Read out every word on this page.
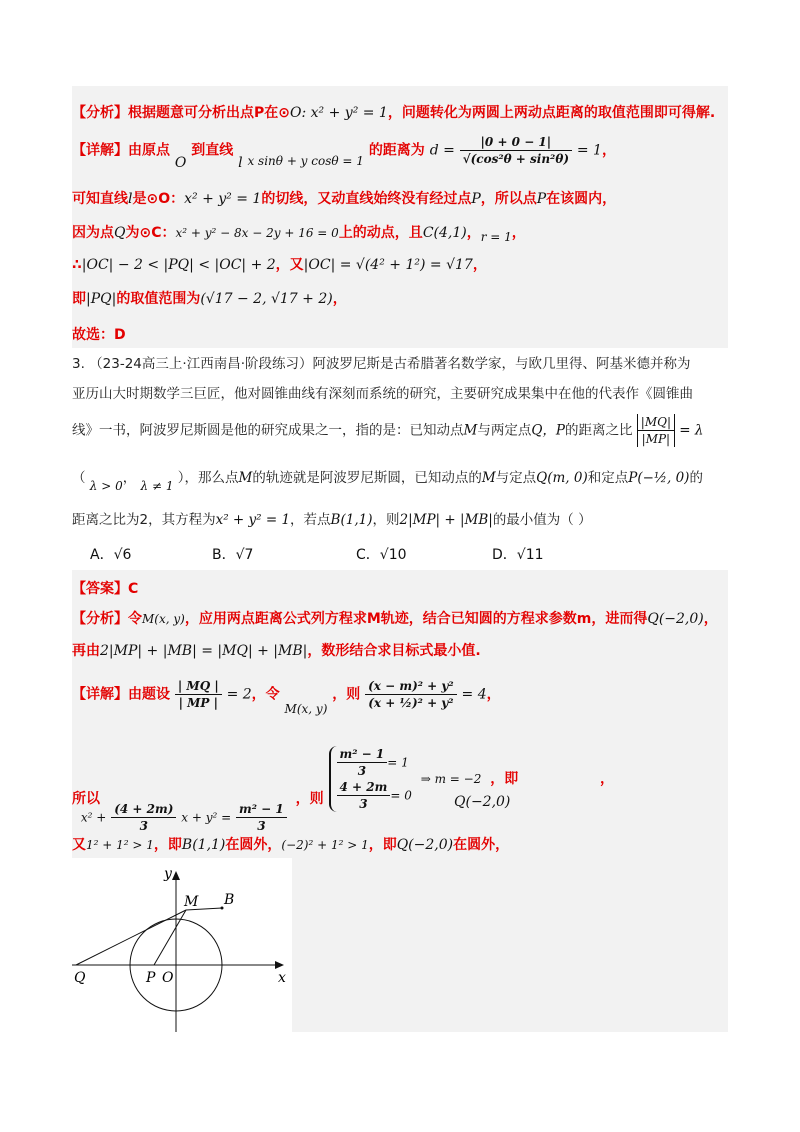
【分析】根据题意可分析出点P在⊙O: x² + y² = 1，问题转化为两圆上两动点距离的取值范围即可得解.
【详解】由原点 O 到直线 l x sinθ + y cosθ = 1 的距离为 $d = \frac{|0 + 0 - 1|}{\text{√(cos²θ + sin²θ)}} = 1$，
可知直线l是⊙O：x² + y² = 1的切线，又动直线始终没有经过点P，所以点P在该圆内，
因为点Q为⊙C：x² + y² − 8x − 2y + 16 = 0上的动点，且C(4,1)，r = 1，
∴|OC| − 2 < |PQ| < |OC| + 2，又|OC| = √(4² + 1²) = √17，
即|PQ|的取值范围为(√17 − 2, √17 + 2)，
故选：D
3. （23-24高三上·江西南昌·阶段练习）阿波罗尼斯是古希腊著名数学家，与欧几里得、阿基米德并称为
亚历山大时期数学三巨匠，他对圆锥曲线有深刻而系统的研究，主要研究成果集中在他的代表作《圆锥曲
线》一书，阿波罗尼斯圆是他的研究成果之一，指的是：已知动点M与两定点Q，P的距离之比 $\frac{|MQ|}{|MP|} = \lambda$
（ λ > 0， λ ≠ 1 ），那么点M的轨迹就是阿波罗尼斯圆，已知动点的M与定点Q(m, 0)和定点P(−½, 0)的
距离之比为2，其方程为x² + y² = 1，若点B(1,1)，则2|MP| + |MB|的最小值为（ ）
A．√6	B．√7	C．√10	D．√11
【答案】C
【分析】令M(x, y)，应用两点距离公式列方程求M轨迹，结合已知圆的方程求参数m，进而得Q(−2,0)，
再由2|MP| + |MB| = |MQ| + |MB|，数形结合求目标式最小值.
【详解】由题设 $\frac{| MQ |}{| MP |} = 2$，令 M(x, y) ，则 $\frac{\text{(x − m)² + y²}}{\text{(x + ½)² + y²}} = 4$，
所以 $x^2 + \frac{(4 + 2m)}{3}$ $x + y^2 = \frac{\text{m² − 1}}{3}$
，则
$\frac{\text{m² − 1}}{3} = 1$
$\frac{4 + 2m}{3} = 0$
⇒ m = −2 ，即	，
Q(−2,0)
又1² + 1² > 1，即B(1,1)在圆外，(−2)² + 1² > 1，即Q(−2,0)在圆外，
y
x
M B
Q	P O
